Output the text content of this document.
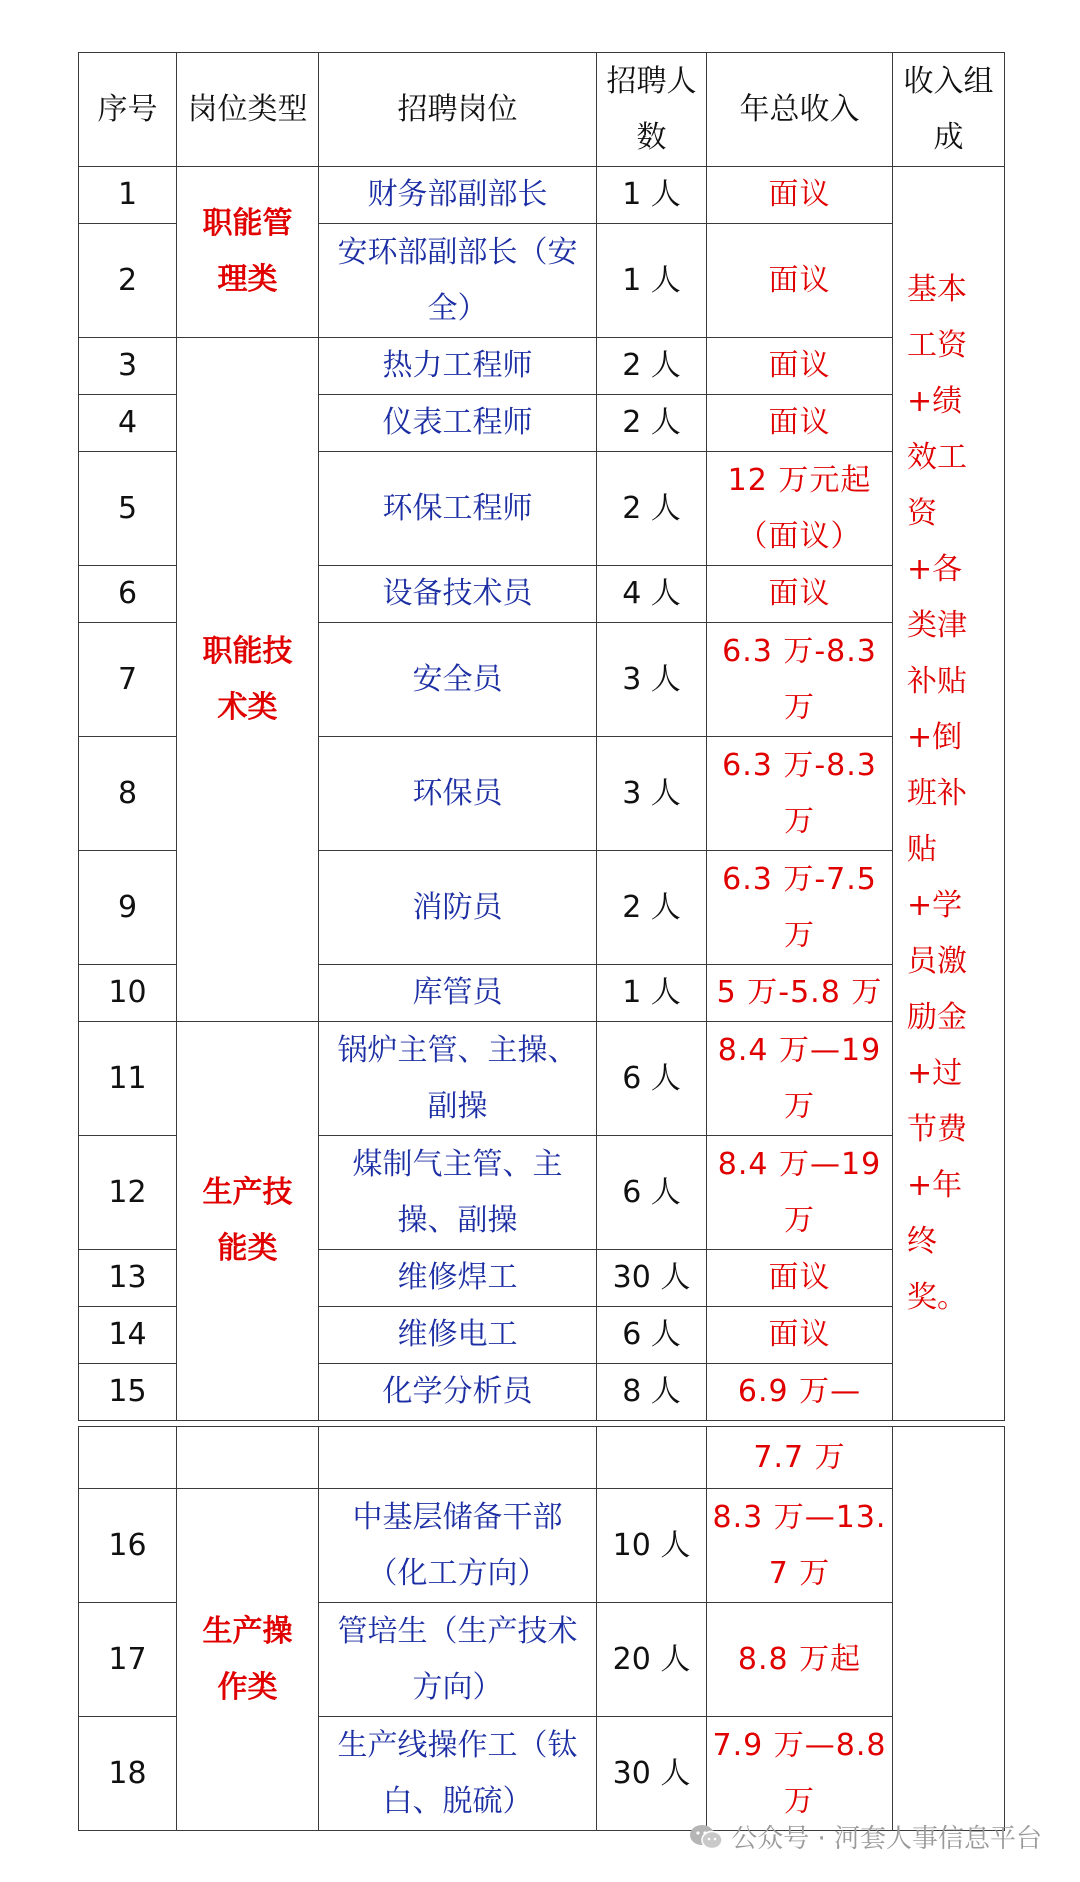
序号	岗位类型	招聘岗位	招聘人数	年总收入	收入组成
1	职能管理类	财务部副部长	1 人	面议	基本工资+绩效工资+各类津补贴+倒班补贴+学员激励金+过节费+年终奖。
2		安环部副部长（安全）	1 人	面议	
3	职能技术类	热力工程师	2 人	面议	
4		仪表工程师	2 人	面议	
5		环保工程师	2 人	12 万元起（面议）	
6		设备技术员	4 人	面议	
7		安全员	3 人	6.3 万-8.3 万	
8		环保员	3 人	6.3 万-8.3 万	
9		消防员	2 人	6.3 万-7.5 万	
10		库管员	1 人	5 万-5.8 万	
11	生产技能类	锅炉主管、主操、副操	6 人	8.4 万—19 万	
12		煤制气主管、主操、副操	6 人	8.4 万—19 万	
13		维修焊工	30 人	面议	
14		维修电工	6 人	面议	
15		化学分析员	8 人	6.9 万—	
				7.7 万	
16	生产操作类	中基层储备干部（化工方向）	10 人	8.3 万—13.7 万	
17		管培生（生产技术方向）	20 人	8.8 万起	
18		生产线操作工（钛白、脱硫）	30 人	7.9 万—8.8 万	
公众号 · 河套人事信息平台
